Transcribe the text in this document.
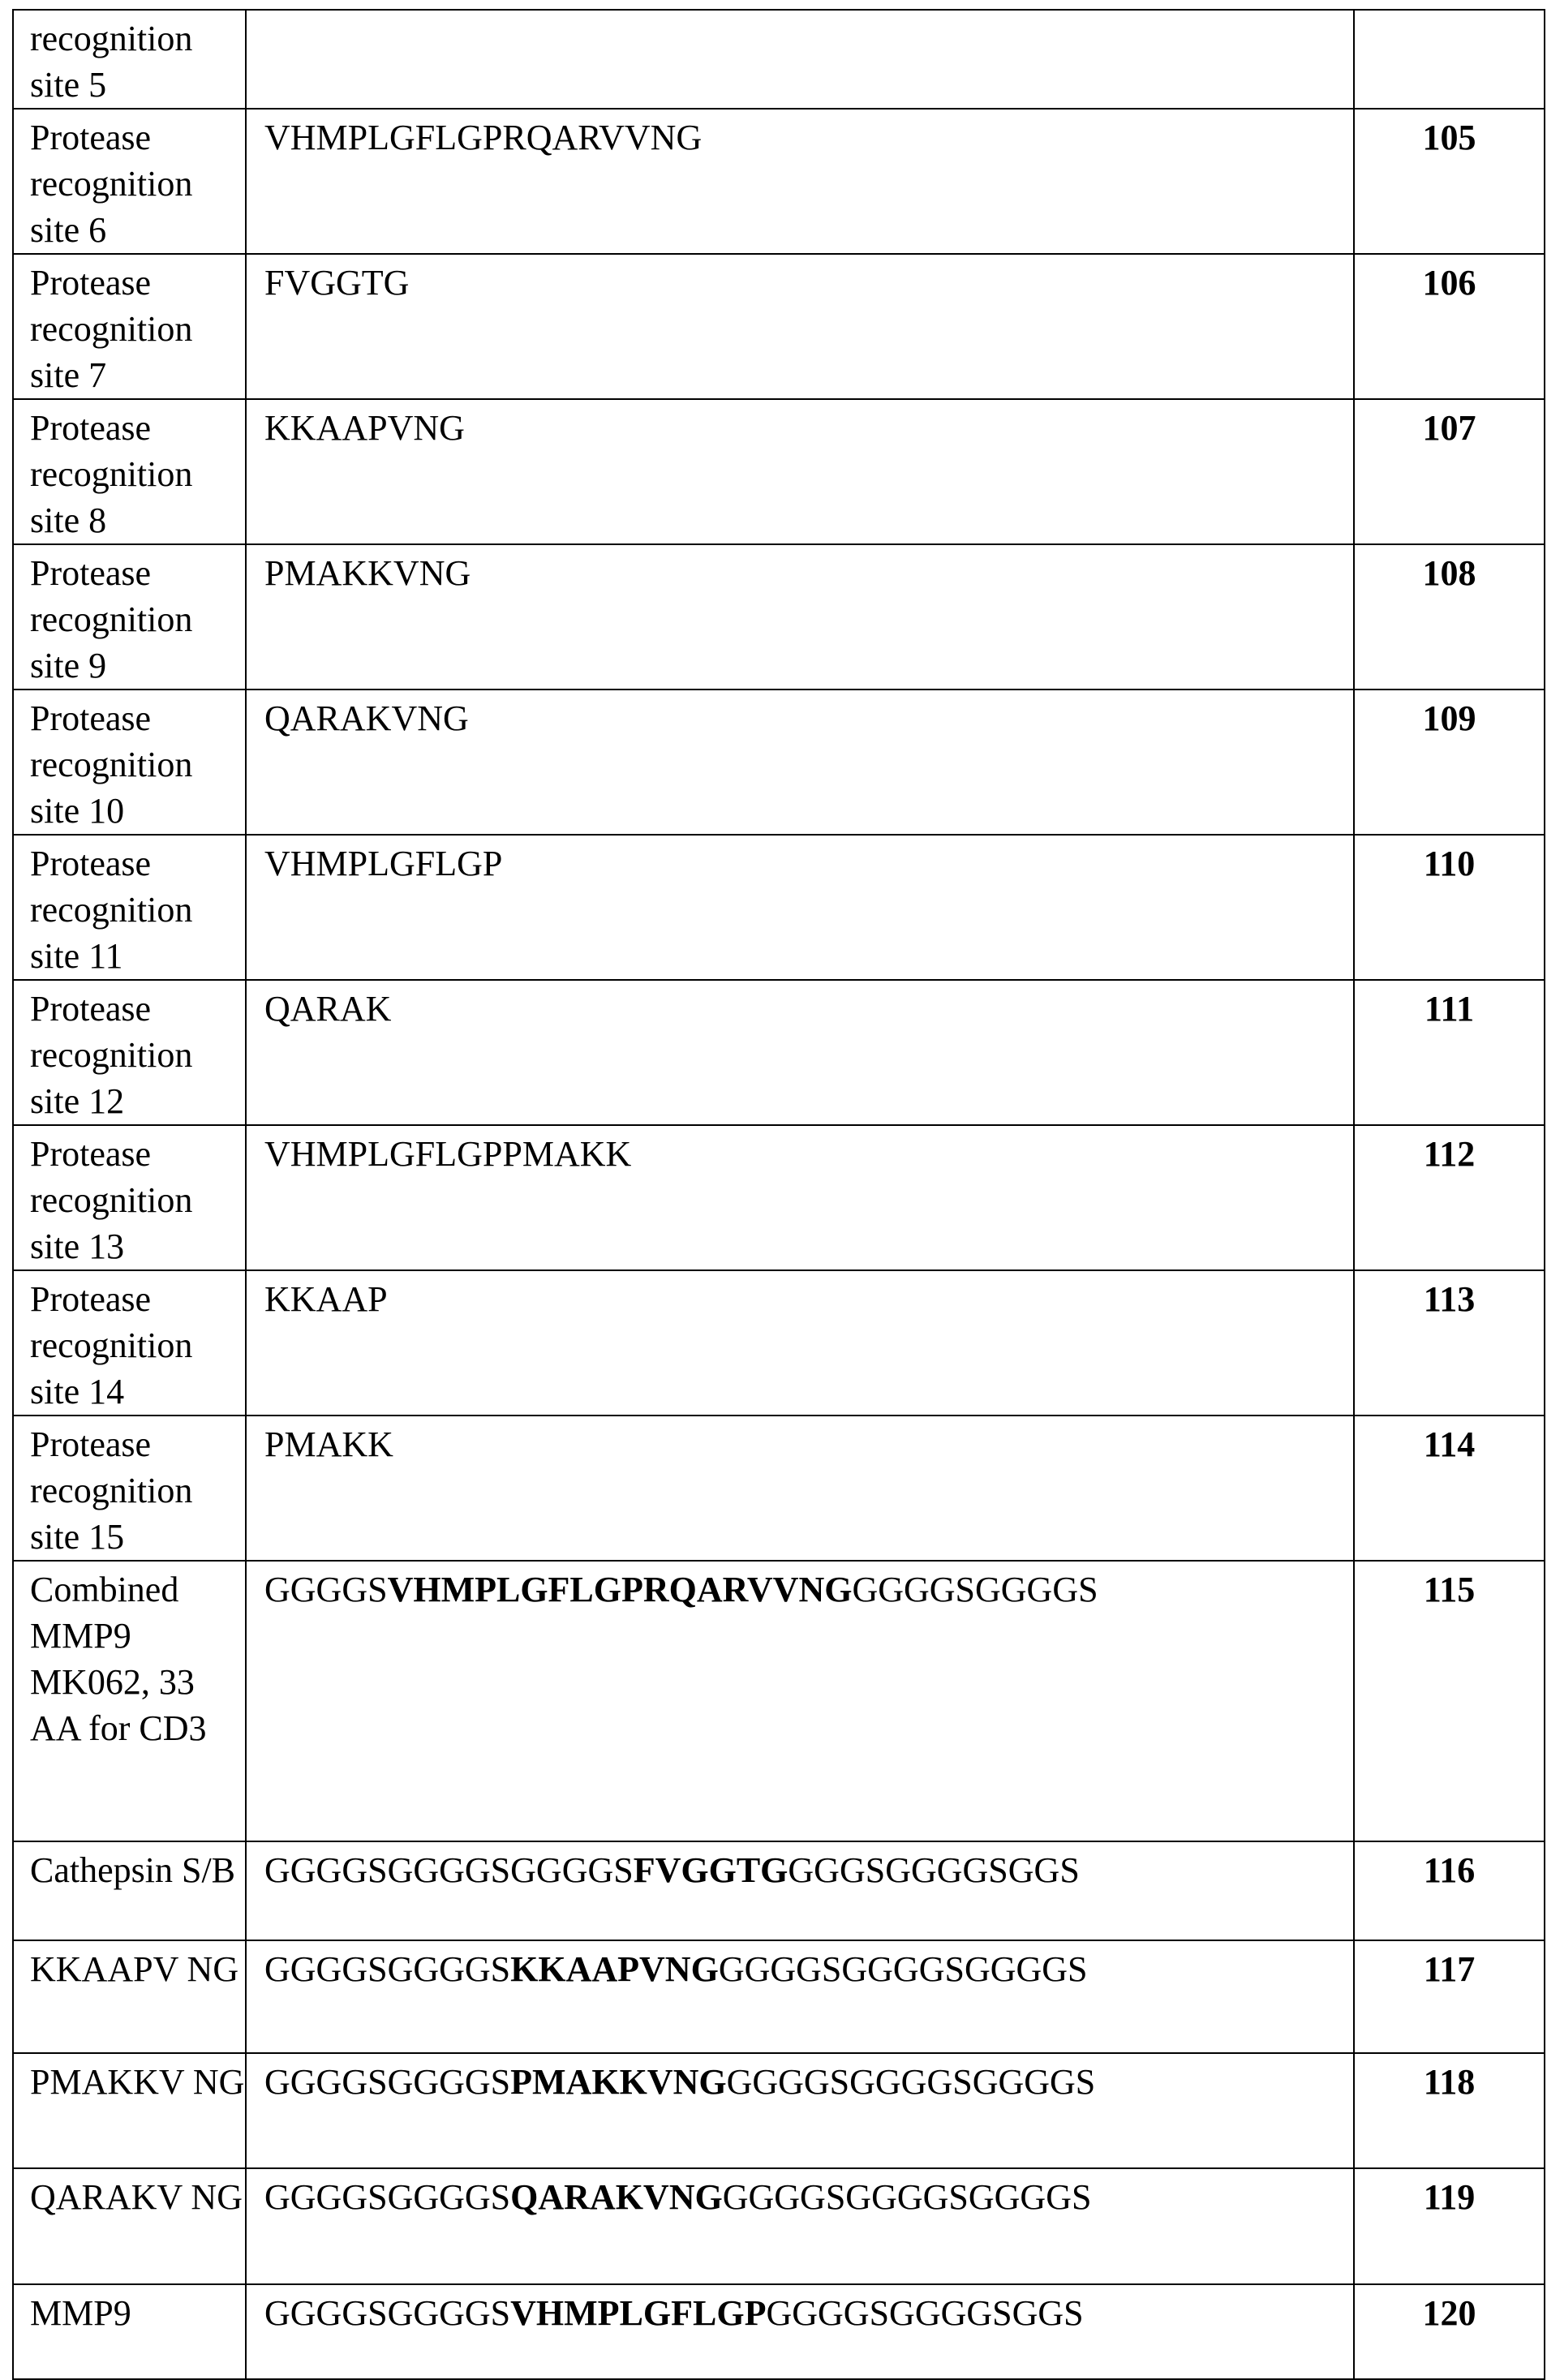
recognition site 5		
Protease recognition site 6	VHMPLGFLGPRQARVVNG	105
Protease recognition site 7	FVGGTG	106
Protease recognition site 8	KKAAPVNG	107
Protease recognition site 9	PMAKKVNG	108
Protease recognition site 10	QARAKVNG	109
Protease recognition site 11	VHMPLGFLGP	110
Protease recognition site 12	QARAK	111
Protease recognition site 13	VHMPLGFLGPPMAKK	112
Protease recognition site 14	KKAAP	113
Protease recognition site 15	PMAKK	114
Combined MMP9 MK062, 33 AA for CD3	GGGGSVHMPLGFLGPRQARVVNGGGGGSGGGGS	115
Cathepsin S/B	GGGGSGGGGSGGGGSFVGGTGGGGSGGGGSGGS	116
KKAAPV NG	GGGGSGGGGSKKAAPVNGGGGGSGGGGSGGGGS	117
PMAKKV NG	GGGGSGGGGSPMAKKVNGGGGGSGGGGSGGGGS	118
QARAKV NG	GGGGSGGGGSQARAKVNGGGGGSGGGGSGGGGS	119
MMP9	GGGGSGGGGSVHMPLGFLGPGGGGSGGGGSGGS	120
